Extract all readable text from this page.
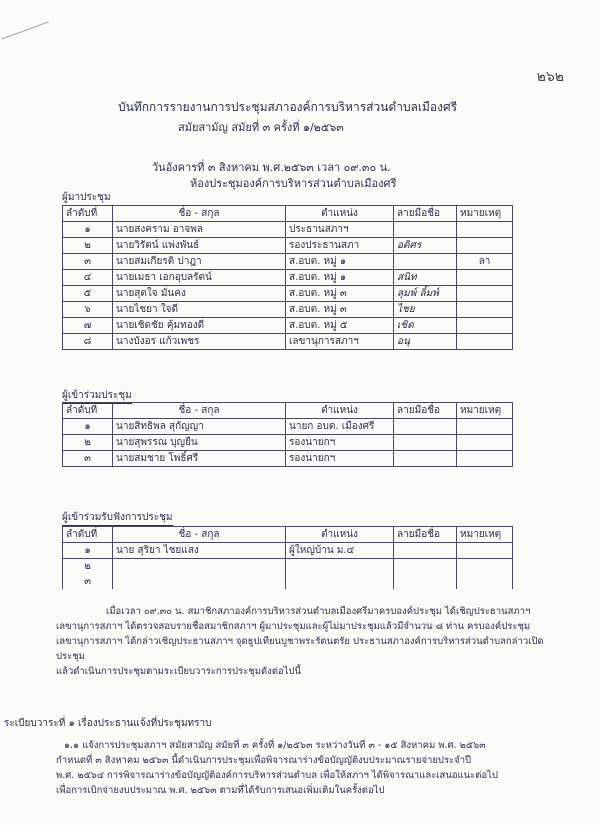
๒๖๒
บันทึกการรายงานการประชุมสภาองค์การบริหารส่วนตำบลเมืองศรี
สมัยสามัญ สมัยที่ ๓ ครั้งที่ ๑/๒๕๖๓
วันอังคารที่ ๓ สิงหาคม พ.ศ.๒๕๖๓ เวลา ๐๙.๓๐ น.
ห้องประชุมองค์การบริหารส่วนตำบลเมืองศรี
ผู้มาประชุม
ลำดับที่	ชื่อ - สกุล	ตำแหน่ง	ลายมือชื่อ	หมายเหตุ
๑	นายสงคราม อาจพล	ประธานสภาฯ		
๒	นายวิรัตน์ แพ่งพันธ์	รองประธานสภา	อดิศร	
๓	นายสมเกียรติ ปาฎา	ส.อบต. หมู่ ๑		ลา
๔	นายเมธา เอกอุบลรัตน์	ส.อบต. หมู่ ๑	สนิท	
๕	นายสุดใจ มั่นคง	ส.อบต. หมู่ ๓	ลุมพ์ ลิ้มพ์	
๖	นายไชยา ใจดี	ส.อบต. หมู่ ๓	ไชย	
๗	นายเชิดชัย คุ้มทองดี	ส.อบต. หมู่ ๕	เชิด	
๘	นางบังอร แก้วเพชร	เลขานุการสภาฯ	อนุ	
ผู้เข้าร่วมประชุม
ลำดับที่	ชื่อ - สกุล	ตำแหน่ง	ลายมือชื่อ	หมายเหตุ
๑	นายสิทธิพล สุกัญญา	นายก อบต. เมืองศรี		
๒	นายสุพรรณ บุญยืน	รองนายกฯ		
๓	นายสมชาย โพธิ์ศรี	รองนายกฯ		
ผู้เข้าร่วมรับฟังการประชุม
ลำดับที่	ชื่อ - สกุล	ตำแหน่ง	ลายมือชื่อ	หมายเหตุ
๑	นาย สุริยา ไชยแสง	ผู้ใหญ่บ้าน ม.๔		
๒				
๓				
เมื่อเวลา ๐๙.๓๐ น. สมาชิกสภาองค์การบริหารส่วนตำบลเมืองศรีมาครบองค์ประชุม ได้เชิญประธานสภาฯ
เลขานุการสภาฯ ได้ตรวจสอบรายชื่อสมาชิกสภาฯ ผู้มาประชุมและผู้ไม่มาประชุมแล้วมีจำนวน ๘ ท่าน ครบองค์ประชุม
เลขานุการสภาฯ ได้กล่าวเชิญประธานสภาฯ จุดธูปเทียนบูชาพระรัตนตรัย ประธานสภาองค์การบริหารส่วนตำบลกล่าวเปิดประชุม
แล้วดำเนินการประชุมตามระเบียบวาระการประชุมดังต่อไปนี้
ระเบียบวาระที่ ๑ เรื่องประธานแจ้งที่ประชุมทราบ
๑.๑ แจ้งการประชุมสภาฯ สมัยสามัญ สมัยที่ ๓ ครั้งที่ ๑/๒๕๖๓ ระหว่างวันที่ ๓ - ๑๕ สิงหาคม พ.ศ. ๒๕๖๓
กำหนดที่ ๓ สิงหาคม ๒๕๖๓ นี้ดำเนินการประชุมเพื่อพิจารณาร่างข้อบัญญัติงบประมาณรายจ่ายประจำปี
พ.ศ. ๒๕๖๔ การพิจารณาร่างข้อบัญญัติองค์การบริหารส่วนตำบล เพื่อให้สภาฯ ได้พิจารณาและเสนอแนะต่อไป
เพื่อการเบิกจ่ายงบประมาณ พ.ศ. ๒๕๖๓ ตามที่ได้รับการเสนอเพิ่มเติมในครั้งต่อไป
